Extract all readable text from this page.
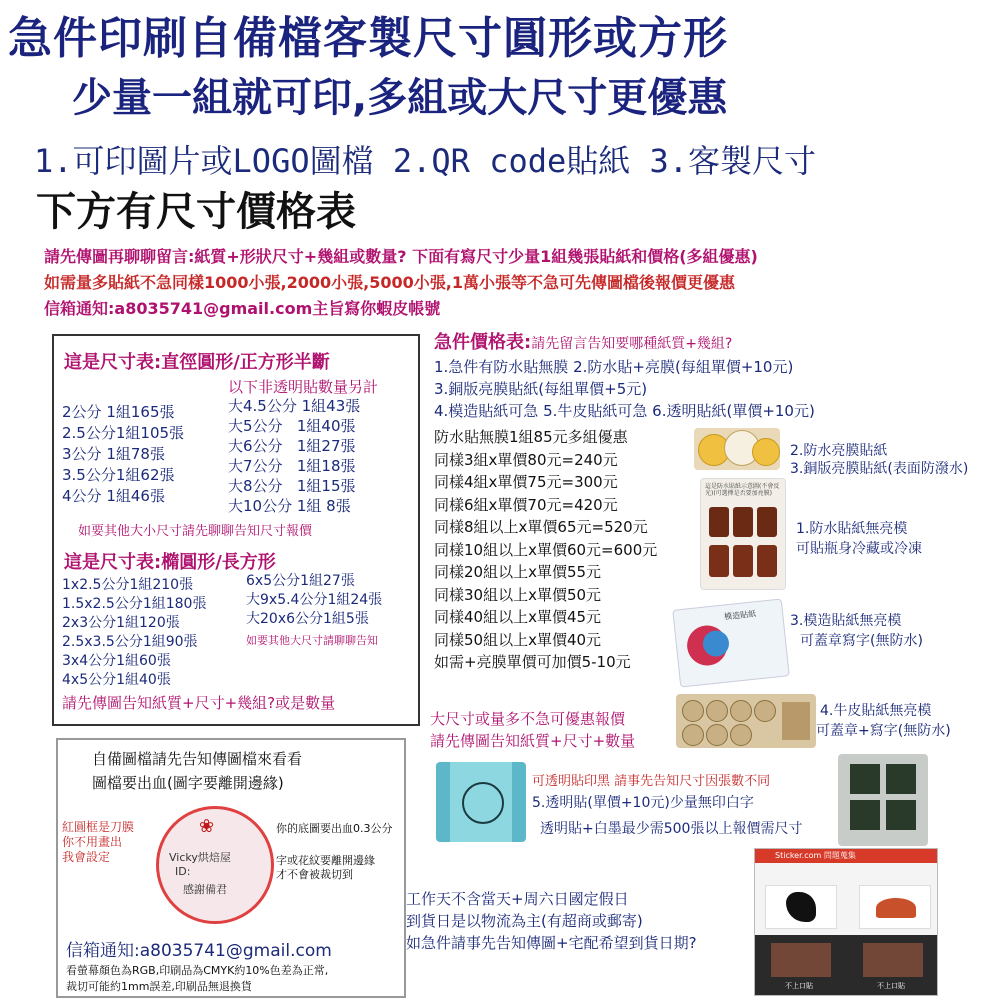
急件印刷自備檔客製尺寸圓形或方形
少量一組就可印,多組或大尺寸更優惠
1.可印圖片或LOGO圖檔 2.QR code貼紙 3.客製尺寸
下方有尺寸價格表
請先傳圖再聊聊留言:紙質+形狀尺寸+幾組或數量? 下面有寫尺寸少量1組幾張貼紙和價格(多組優惠)
如需量多貼紙不急同樣1000小張,2000小張,5000小張,1萬小張等不急可先傳圖檔後報價更優惠
信箱通知:a8035741@gmail.com主旨寫你蝦皮帳號
這是尺寸表:直徑圓形/正方形半斷
以下非透明貼數量另計
2公分 1組165張
2.5公分1組105張
3公分 1組78張
3.5公分1組62張
4公分 1組46張
大4.5公分 1組43張
大5公分 1組40張
大6公分 1組27張
大7公分 1組18張
大8公分 1組15張
大10公分 1組 8張
如要其他大小尺寸請先聊聊告知尺寸報價
這是尺寸表:橢圓形/長方形
1x2.5公分1組210張
1.5x2.5公分1組180張
2x3公分1組120張
2.5x3.5公分1組90張
3x4公分1組60張
4x5公分1組40張
6x5公分1組27張
大9x5.4公分1組24張
大20x6公分1組5張
如要其他大尺寸請聊聊告知
請先傳圖告知紙質+尺寸+幾組?或是數量
急件價格表:請先留言告知要哪種紙質+幾組?
1.急件有防水貼無膜 2.防水貼+亮膜(每組單價+10元)
3.銅版亮膜貼紙(每組單價+5元)
4.模造貼紙可急 5.牛皮貼紙可急 6.透明貼紙(單價+10元)
防水貼無膜1組85元多組優惠
同樣3組x單價80元=240元
同樣4組x單價75元=300元
同樣6組x單價70元=420元
同樣8組以上x單價65元=520元
同樣10組以上x單價60元=600元
同樣20組以上x單價55元
同樣30組以上x單價50元
同樣40組以上x單價45元
同樣50組以上x單價40元
如需+亮膜單價可加價5-10元
大尺寸或量多不急可優惠報價
請先傳圖告知紙質+尺寸+數量
2.防水亮膜貼紙
3.銅版亮膜貼紙(表面防潑水)
這是防水貼紙示意圖(不會反光)(可選擇是否要加亮膜)
1.防水貼紙無亮模
可貼瓶身冷藏或冷凍
模造貼紙 3.模造貼紙無亮模
可蓋章寫字(無防水)
4.牛皮貼紙無亮模
可蓋章+寫字(無防水)
可透明貼印黑 請事先告知尺寸因張數不同
5.透明貼(單價+10元)少量無印白字
透明貼+白墨最少需500張以上報價需尺寸
自備圖檔請先告知傳圖檔來看看
圖檔要出血(圖字要離開邊緣)
紅圓框是刀膜
你不用畫出
我會設定
❀
Vicky烘焙屋
ID:
感謝備君
你的底圖要出血0.3公分
字或花紋要離開邊緣
才不會被裁切到
信箱通知:a8035741@gmail.com
看螢幕顏色為RGB,印刷品為CMYK約10%色差為正常,
裁切可能約1mm誤差,印刷品無退換貨
工作天不含當天+周六日國定假日
到貨日是以物流為主(有超商或郵寄)
如急件請事先告知傳圖+宅配希望到貨日期?
Sticker.com 問題蒐集
不上口貼	不上口貼
